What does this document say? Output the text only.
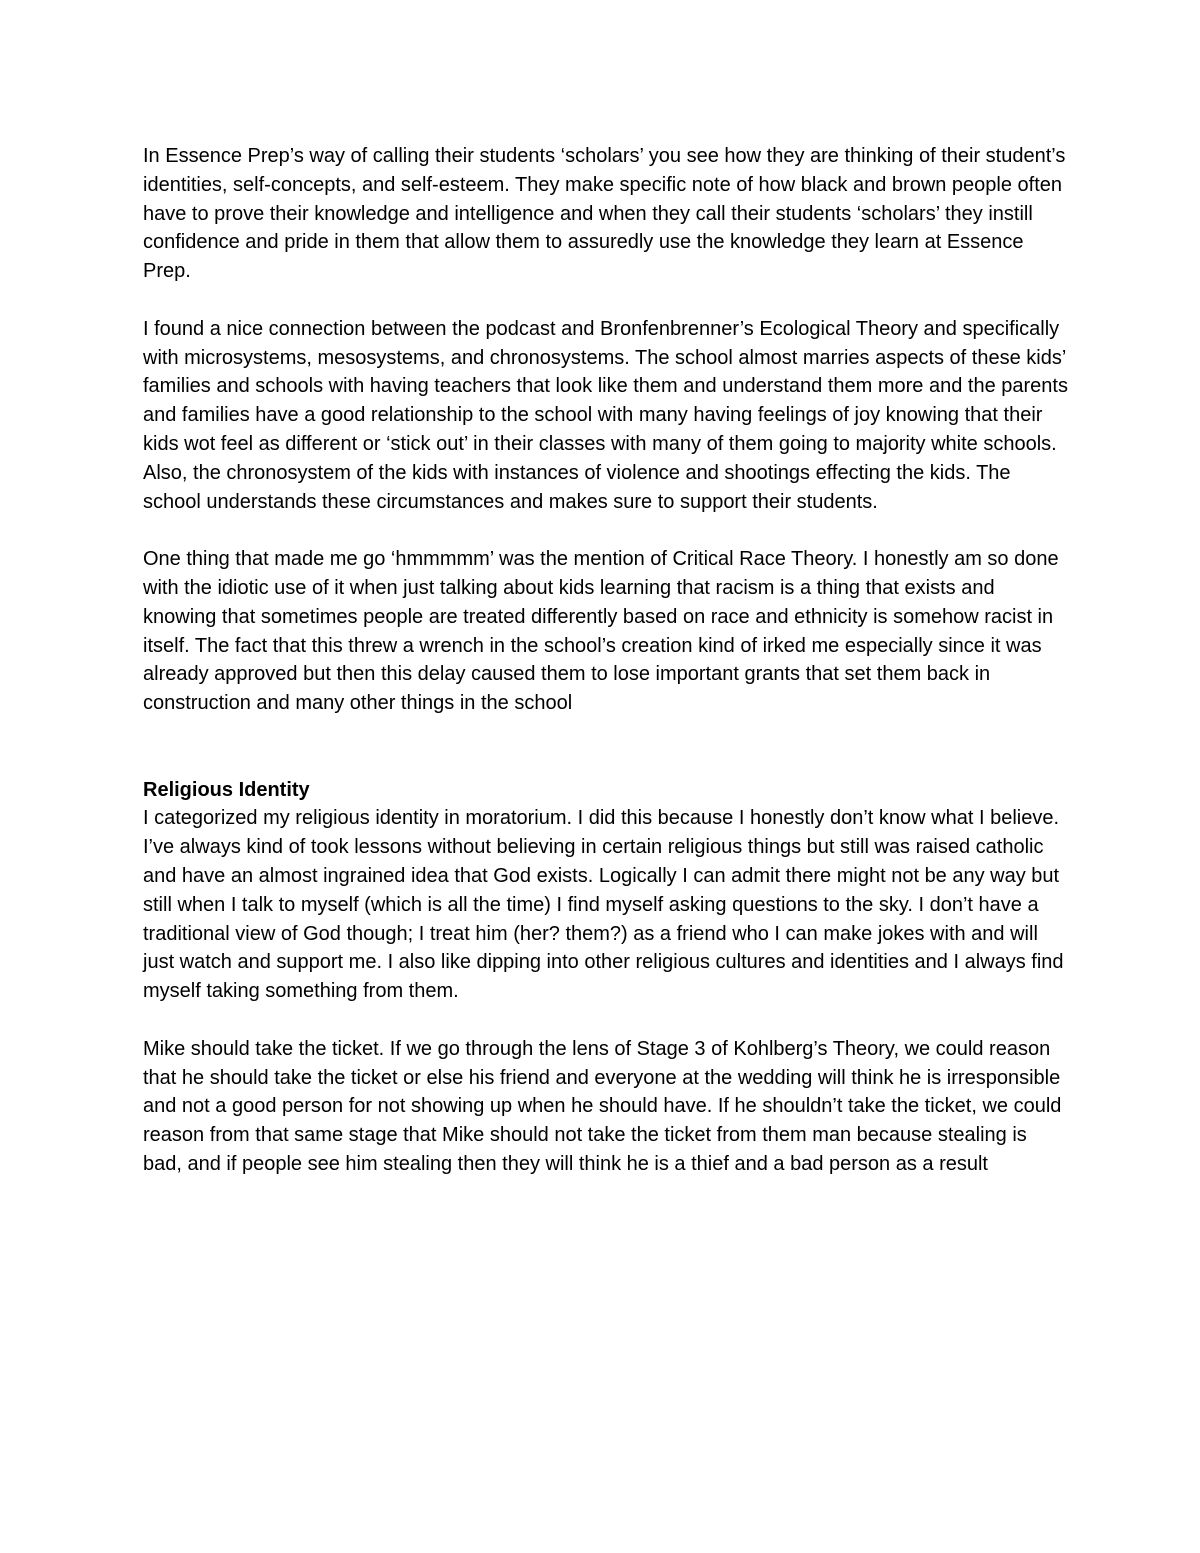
In Essence Prep’s way of calling their students ‘scholars’ you see how they are thinking of their student’s identities, self-concepts, and self-esteem. They make specific note of how black and brown people often have to prove their knowledge and intelligence and when they call their students ‘scholars’ they instill confidence and pride in them that allow them to assuredly use the knowledge they learn at Essence Prep.

I found a nice connection between the podcast and Bronfenbrenner’s Ecological Theory and specifically with microsystems, mesosystems, and chronosystems. The school almost marries aspects of these kids’ families and schools with having teachers that look like them and understand them more and the parents and families have a good relationship to the school with many having feelings of joy knowing that their kids wot feel as different or ‘stick out’ in their classes with many of them going to majority white schools. Also, the chronosystem of the kids with instances of violence and shootings effecting the kids. The school understands these circumstances and makes sure to support their students.

One thing that made me go ‘hmmmmm’ was the mention of Critical Race Theory. I honestly am so done with the idiotic use of it when just talking about kids learning that racism is a thing that exists and knowing that sometimes people are treated differently based on race and ethnicity is somehow racist in itself. The fact that this threw a wrench in the school’s creation kind of irked me especially since it was already approved but then this delay caused them to lose important grants that set them back in construction and many other things in the school

Religious Identity

I categorized my religious identity in moratorium. I did this because I honestly don’t know what I believe. I’ve always kind of took lessons without believing in certain religious things but still was raised catholic and have an almost ingrained idea that God exists. Logically I can admit there might not be any way but still when I talk to myself (which is all the time) I find myself asking questions to the sky. I don’t have a traditional view of God though; I treat him (her? them?) as a friend who I can make jokes with and will just watch and support me. I also like dipping into other religious cultures and identities and I always find myself taking something from them.

Mike should take the ticket. If we go through the lens of Stage 3 of Kohlberg’s Theory, we could reason that he should take the ticket or else his friend and everyone at the wedding will think he is irresponsible and not a good person for not showing up when he should have. If he shouldn’t take the ticket, we could reason from that same stage that Mike should not take the ticket from them man because stealing is bad, and if people see him stealing then they will think he is a thief and a bad person as a result
